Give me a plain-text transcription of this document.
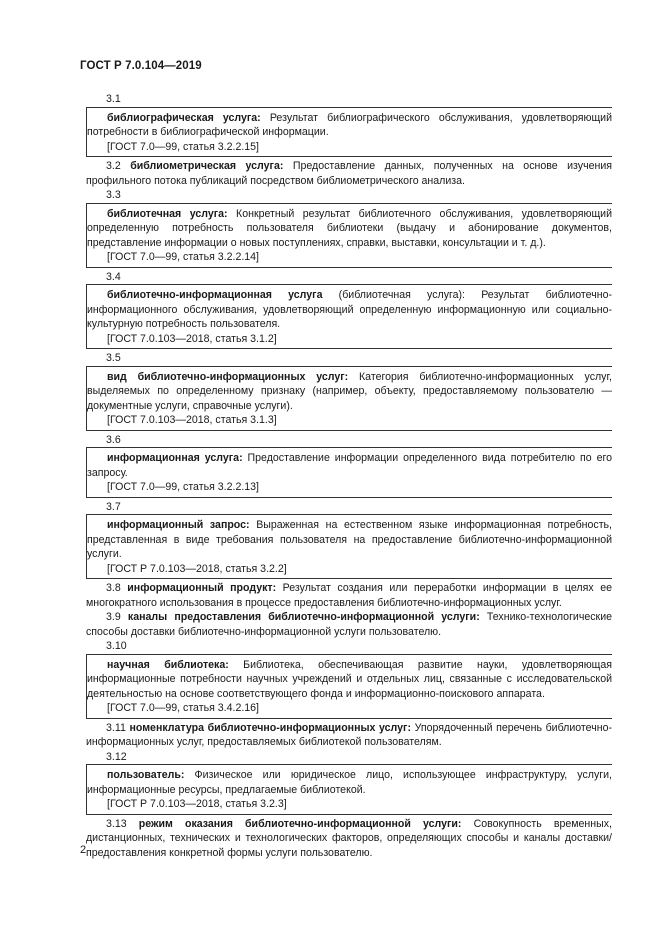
ГОСТ Р 7.0.104—2019
3.1

библиографическая услуга: Результат библиографического обслуживания, удовлетворяющий потребности в библиографической информации.

[ГОСТ 7.0—99, статья 3.2.2.15]

3.2 библиометрическая услуга: Предоставление данных, полученных на основе изучения профильного потока публикаций посредством библиометрического анализа.

3.3

библиотечная услуга: Конкретный результат библиотечного обслуживания, удовлетворяющий определенную потребность пользователя библиотеки (выдачу и абонирование документов, представление информации о новых поступлениях, справки, выставки, консультации и т. д.).

[ГОСТ 7.0—99, статья 3.2.2.14]
3.4

библиотечно-информационная услуга (библиотечная услуга): Результат библиотечно-информационного обслуживания, удовлетворяющий определенную информационную или социально-культурную потребность пользователя.

[ГОСТ 7.0.103—2018, статья 3.1.2]
3.5

вид библиотечно-информационных услуг: Категория библиотечно-информационных услуг, выделяемых по определенному признаку (например, объекту, предоставляемому пользователю — документные услуги, справочные услуги).

[ГОСТ 7.0.103—2018, статья 3.1.3]
3.6

информационная услуга: Предоставление информации определенного вида потребителю по его запросу.

[ГОСТ 7.0—99, статья 3.2.2.13]
3.7

информационный запрос: Выраженная на естественном языке информационная потребность, представленная в виде требования пользователя на предоставление библиотечно-информационной услуги.

[ГОСТ Р 7.0.103—2018, статья 3.2.2]

3.8 информационный продукт: Результат создания или переработки информации в целях ее многократного использования в процессе предоставления библиотечно-информационных услуг.

3.9 каналы предоставления библиотечно-информационной услуги: Технико-технологические способы доставки библиотечно-информационной услуги пользователю.

3.10

научная библиотека: Библиотека, обеспечивающая развитие науки, удовлетворяющая информационные потребности научных учреждений и отдельных лиц, связанные с исследовательской деятельностью на основе соответствующего фонда и информационно-поискового аппарата.

[ГОСТ 7.0—99, статья 3.4.2.16]

3.11 номенклатура библиотечно-информационных услуг: Упорядоченный перечень библиотечно-информационных услуг, предоставляемых библиотекой пользователям.

3.12

пользователь: Физическое или юридическое лицо, использующее инфраструктуру, услуги, информационные ресурсы, предлагаемые библиотекой.

[ГОСТ Р 7.0.103—2018, статья 3.2.3]

3.13 режим оказания библиотечно-информационной услуги: Совокупность временных, дистанционных, технических и технологических факторов, определяющих способы и каналы доставки/ предоставления конкретной формы услуги пользователю.

2
